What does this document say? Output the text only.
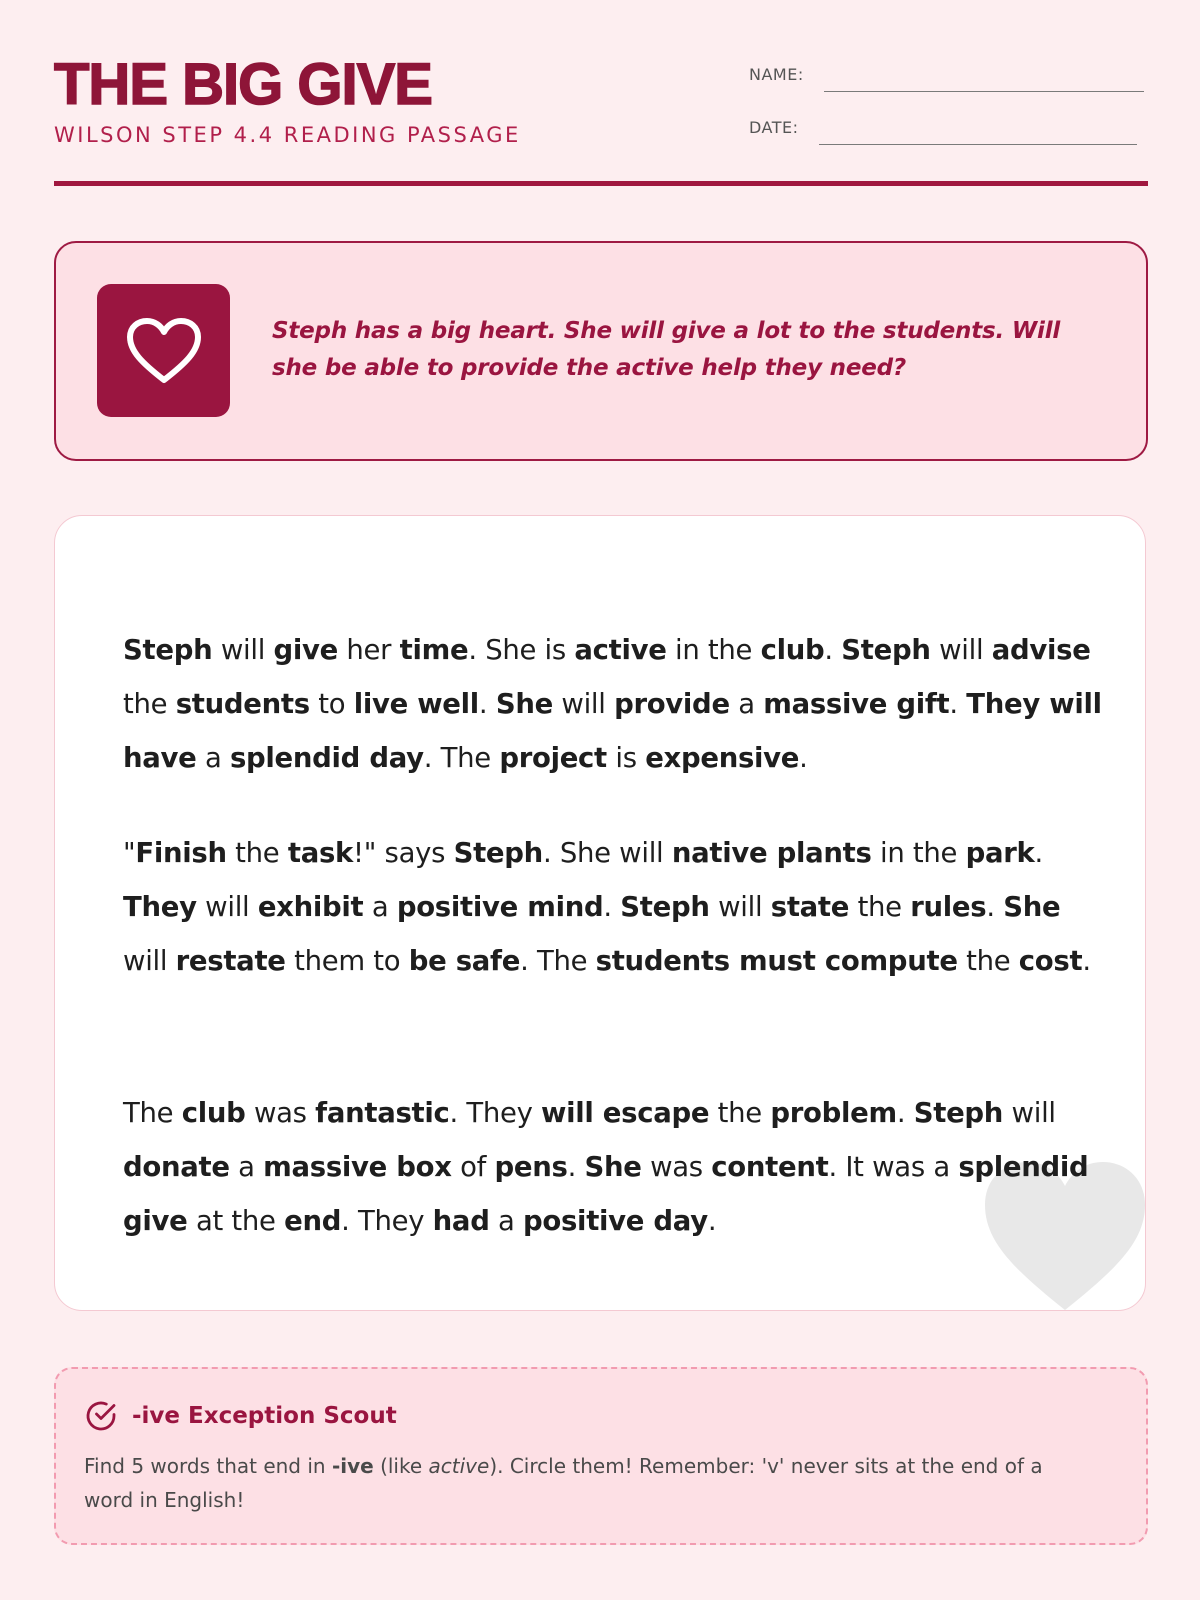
THE BIG GIVE
WILSON STEP 4.4 READING PASSAGE
NAME:
DATE:
Steph has a big heart. She will give a lot to the students. Will she be able to provide the active help they need?

Steph will give her time. She is active in the club. Steph will advise the students to live well. She will provide a massive gift. They will have a splendid day. The project is expensive.

"Finish the task!" says Steph. She will native plants in the park. They will exhibit a positive mind. Steph will state the rules. She will restate them to be safe. The students must compute the cost.

The club was fantastic. They will escape the problem. Steph will donate a massive box of pens. She was content. It was a splendid give at the end. They had a positive day.

-ive Exception Scout
Find 5 words that end in -ive (like active). Circle them! Remember: 'v' never sits at the end of a word in English!
